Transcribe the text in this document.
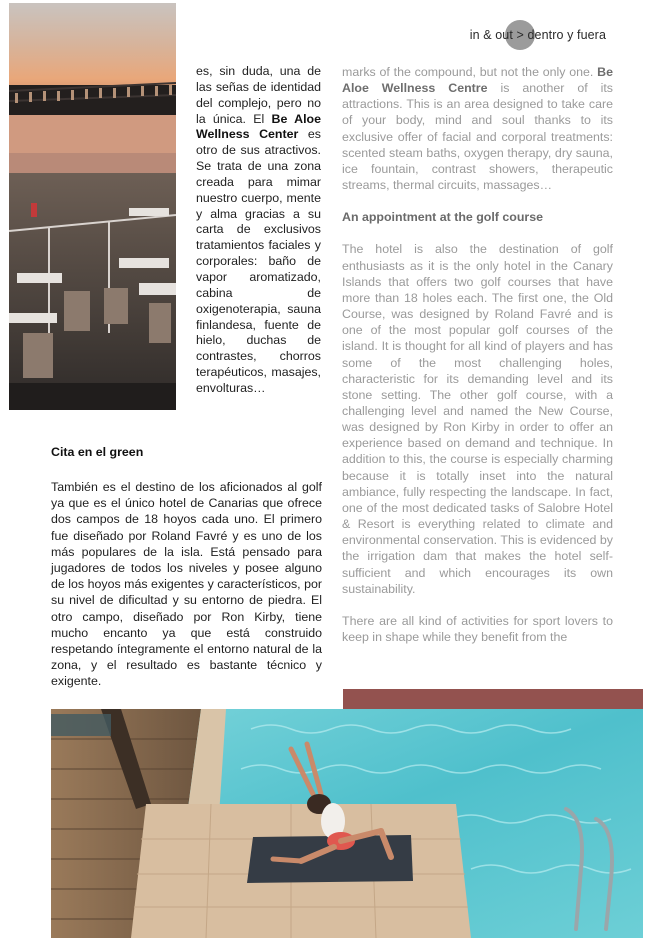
in & out > dentro y fuera
es, sin duda, una de las señas de identidad del complejo, pero no la única. El Be Aloe Wellness Center es otro de sus atractivos. Se trata de una zona creada para mimar nuestro cuerpo, mente y alma gracias a su carta de exclusivos tratamientos faciales y corporales: baño de vapor aromatizado, cabina de oxigenoterapia, sauna finlandesa, fuente de hielo, duchas de contrastes, chorros terapéuticos, masajes, envolturas…
Cita en el green
También es el destino de los aficionados al golf ya que es el único hotel de Canarias que ofrece dos campos de 18 hoyos cada uno. El primero fue diseñado por Roland Favré y es uno de los más populares de la isla. Está pensado para jugadores de todos los niveles y posee alguno de los hoyos más exigentes y característicos, por su nivel de dificultad y su entorno de piedra. El otro campo, diseñado por Ron Kirby, tiene mucho encanto ya que está construido respetando íntegramente el entorno natural de la zona, y el resultado es bastante técnico y exigente.

marks of the compound, but not the only one. Be Aloe Wellness Centre is another of its attractions. This is an area designed to take care of your body, mind and soul thanks to its exclusive offer of facial and corporal treatments: scented steam baths, oxygen therapy, dry sauna, ice fountain, contrast showers, therapeutic streams, thermal circuits, massages…

An appointment at the golf course

The hotel is also the destination of golf enthusiasts as it is the only hotel in the Canary Islands that offers two golf courses that have more than 18 holes each. The first one, the Old Course, was designed by Roland Favré and is one of the most popular golf courses of the island. It is thought for all kind of players and has some of the most challenging holes, characteristic for its demanding level and its stone setting. The other golf course, with a challenging level and named the New Course, was designed by Ron Kirby in order to offer an experience based on demand and technique. In addition to this, the course is especially charming because it is totally inset into the natural ambiance, fully respecting the landscape. In fact, one of the most dedicated tasks of Salobre Hotel & Resort is everything related to climate and environmental conservation. This is evidenced by the irrigation dam that makes the hotel self-sufficient and which encourages its own sustainability.

There are all kind of activities for sport lovers to keep in shape while they benefit from the
